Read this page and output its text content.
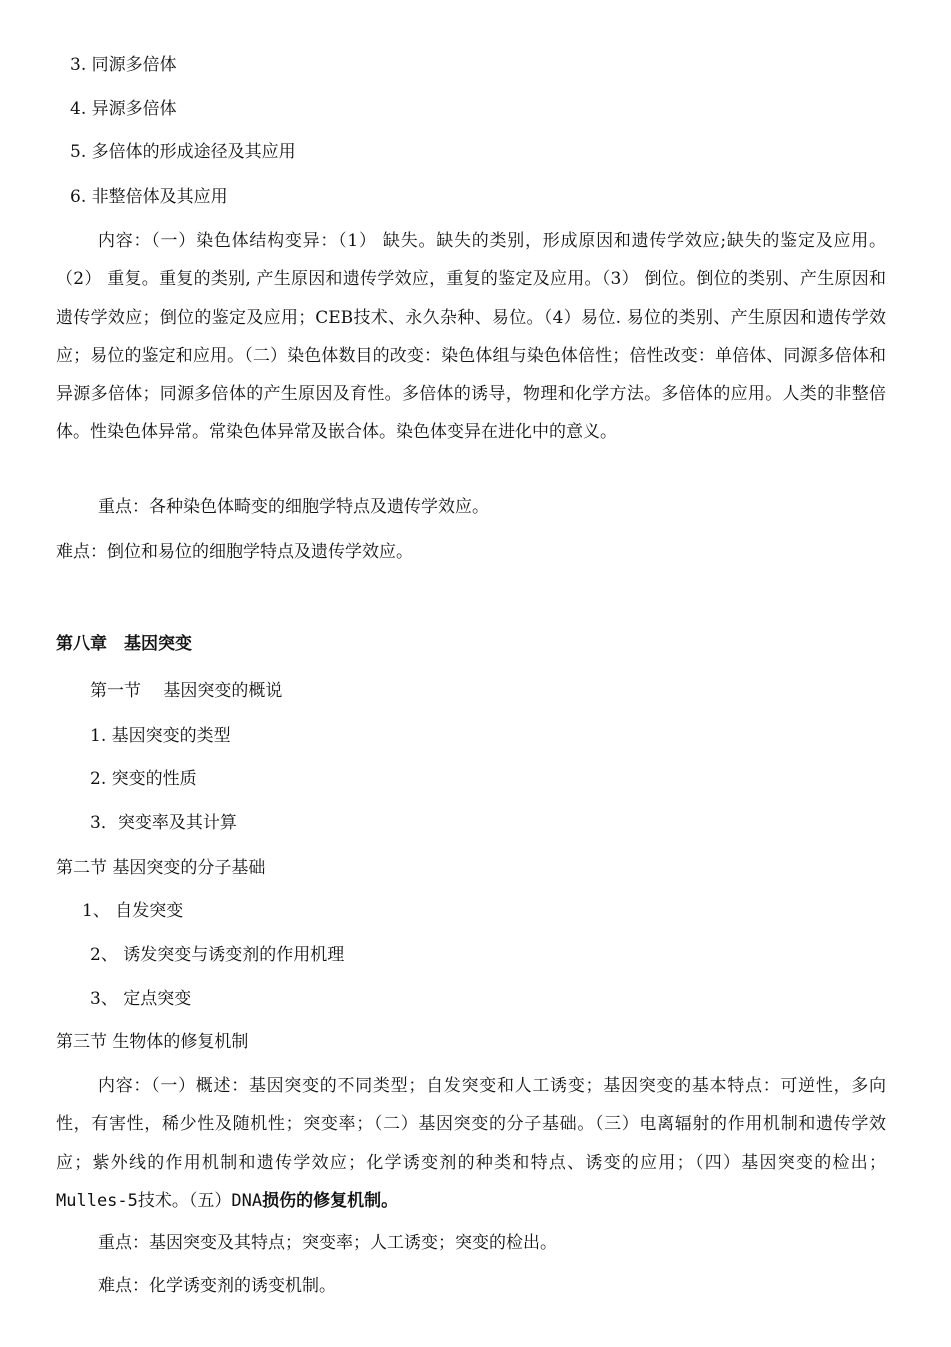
3. 同源多倍体
4. 异源多倍体
5. 多倍体的形成途径及其应用
6. 非整倍体及其应用
内容：（一）染色体结构变异：（1） 缺失。缺失的类别，形成原因和遗传学效应;缺失的鉴定及应用。（2） 重复。重复的类别, 产生原因和遗传学效应，重复的鉴定及应用。（3） 倒位。倒位的类别、产生原因和遗传学效应；倒位的鉴定及应用；CEB技术、永久杂种、易位。（4）易位. 易位的类别、产生原因和遗传学效应；易位的鉴定和应用。（二）染色体数目的改变：染色体组与染色体倍性；倍性改变：单倍体、同源多倍体和异源多倍体；同源多倍体的产生原因及育性。多倍体的诱导，物理和化学方法。多倍体的应用。人类的非整倍体。性染色体异常。常染色体异常及嵌合体。染色体变异在进化中的意义。
重点：各种染色体畸变的细胞学特点及遗传学效应。
难点：倒位和易位的细胞学特点及遗传学效应。
第八章　基因突变
第一节　 基因突变的概说
1. 基因突变的类型
2. 突变的性质
3．突变率及其计算
第二节 基因突变的分子基础
1、 自发突变
2、 诱发突变与诱变剂的作用机理
3、 定点突变
第三节 生物体的修复机制
内容：（一）概述：基因突变的不同类型；自发突变和人工诱变；基因突变的基本特点：可逆性，多向性，有害性，稀少性及随机性；突变率；（二）基因突变的分子基础。（三）电离辐射的作用机制和遗传学效应；紫外线的作用机制和遗传学效应；化学诱变剂的种类和特点、诱变的应用；（四）基因突变的检出；Mulles-5技术。（五）DNA损伤的修复机制。
重点：基因突变及其特点；突变率；人工诱变；突变的检出。
难点：化学诱变剂的诱变机制。
